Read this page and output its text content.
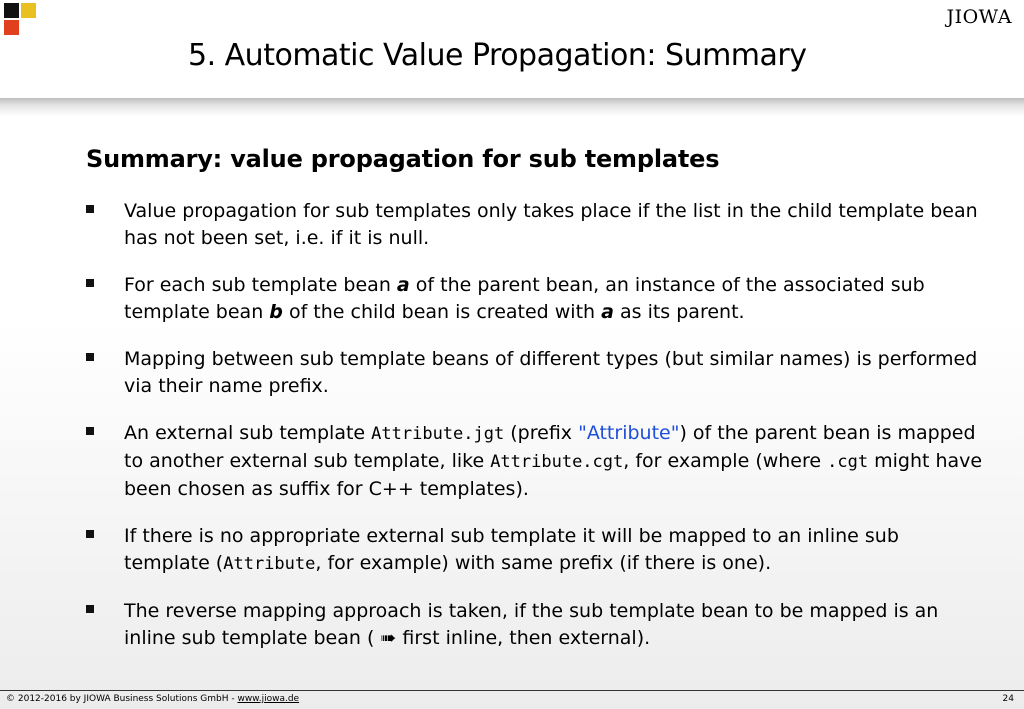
JIOWA
5. Automatic Value Propagation: Summary
Summary: value propagation for sub templates
Value propagation for sub templates only takes place if the list in the child template bean has not been set, i.e. if it is null.
For each sub template bean a of the parent bean, an instance of the associated sub template bean b of the child bean is created with a as its parent.
Mapping between sub template beans of different types (but similar names) is performed via their name prefix.
An external sub template Attribute.jgt (prefix "Attribute") of the parent bean is mapped to another external sub template, like Attribute.cgt, for example (where .cgt might have been chosen as suffix for C++ templates).
If there is no appropriate external sub template it will be mapped to an inline sub template (Attribute, for example) with same prefix (if there is one).
The reverse mapping approach is taken, if the sub template bean to be mapped is an inline sub template bean ( ➠ first inline, then external).
© 2012-2016 by JIOWA Business Solutions GmbH - www.jiowa.de	24
